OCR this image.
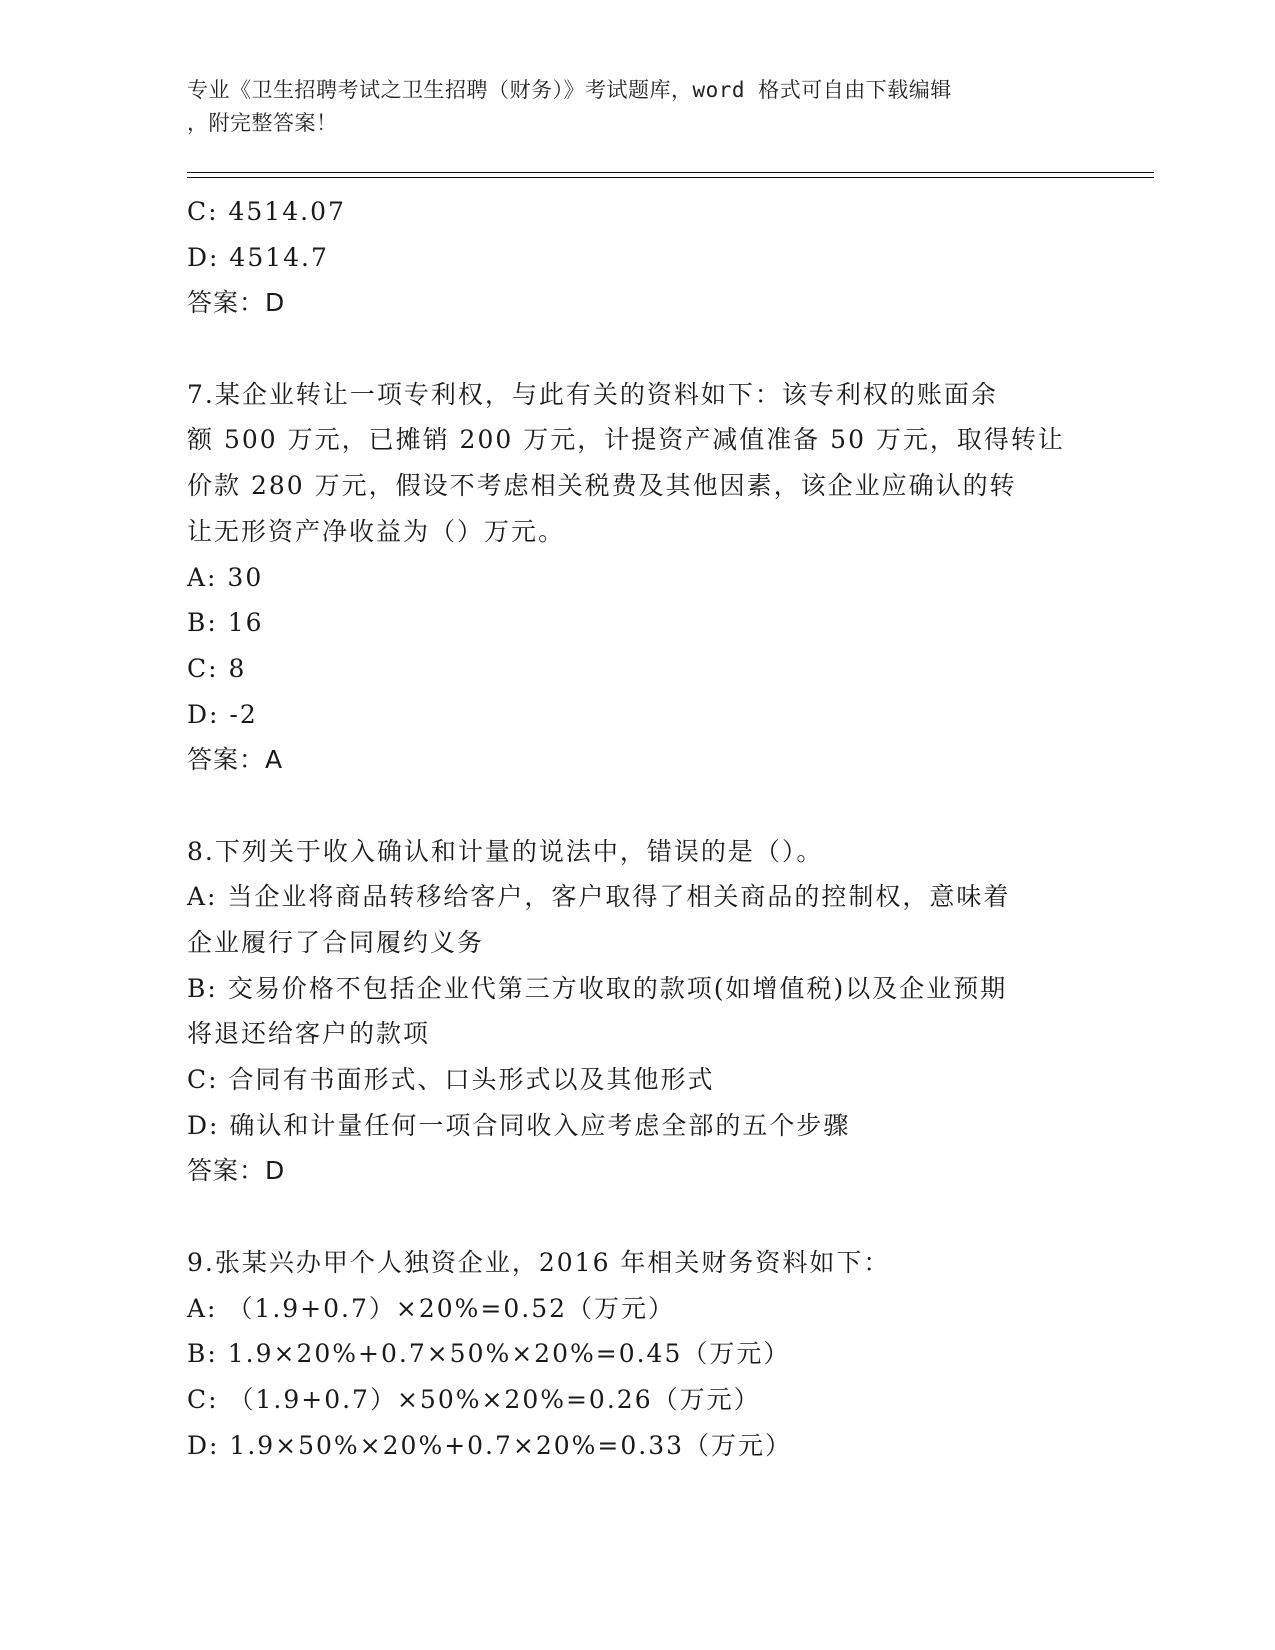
专业《卫生招聘考试之卫生招聘（财务）》考试题库，word 格式可自由下载编辑
，附完整答案！
C: 4514.07
D: 4514.7
答案：D
7.某企业转让一项专利权，与此有关的资料如下：该专利权的账面余
额 500 万元，已摊销 200 万元，计提资产减值准备 50 万元，取得转让
价款 280 万元，假设不考虑相关税费及其他因素，该企业应确认的转
让无形资产净收益为（）万元。
A: 30
B: 16
C: 8
D: -2
答案：A
8.下列关于收入确认和计量的说法中，错误的是（）。
A: 当企业将商品转移给客户，客户取得了相关商品的控制权，意味着
企业履行了合同履约义务
B: 交易价格不包括企业代第三方收取的款项(如增值税)以及企业预期
将退还给客户的款项
C: 合同有书面形式、口头形式以及其他形式
D: 确认和计量任何一项合同收入应考虑全部的五个步骤
答案：D
9.张某兴办甲个人独资企业，2016 年相关财务资料如下：
A: （1.9+0.7）×20%=0.52（万元）
B: 1.9×20%+0.7×50%×20%=0.45（万元）
C: （1.9+0.7）×50%×20%=0.26（万元）
D: 1.9×50%×20%+0.7×20%=0.33（万元）
